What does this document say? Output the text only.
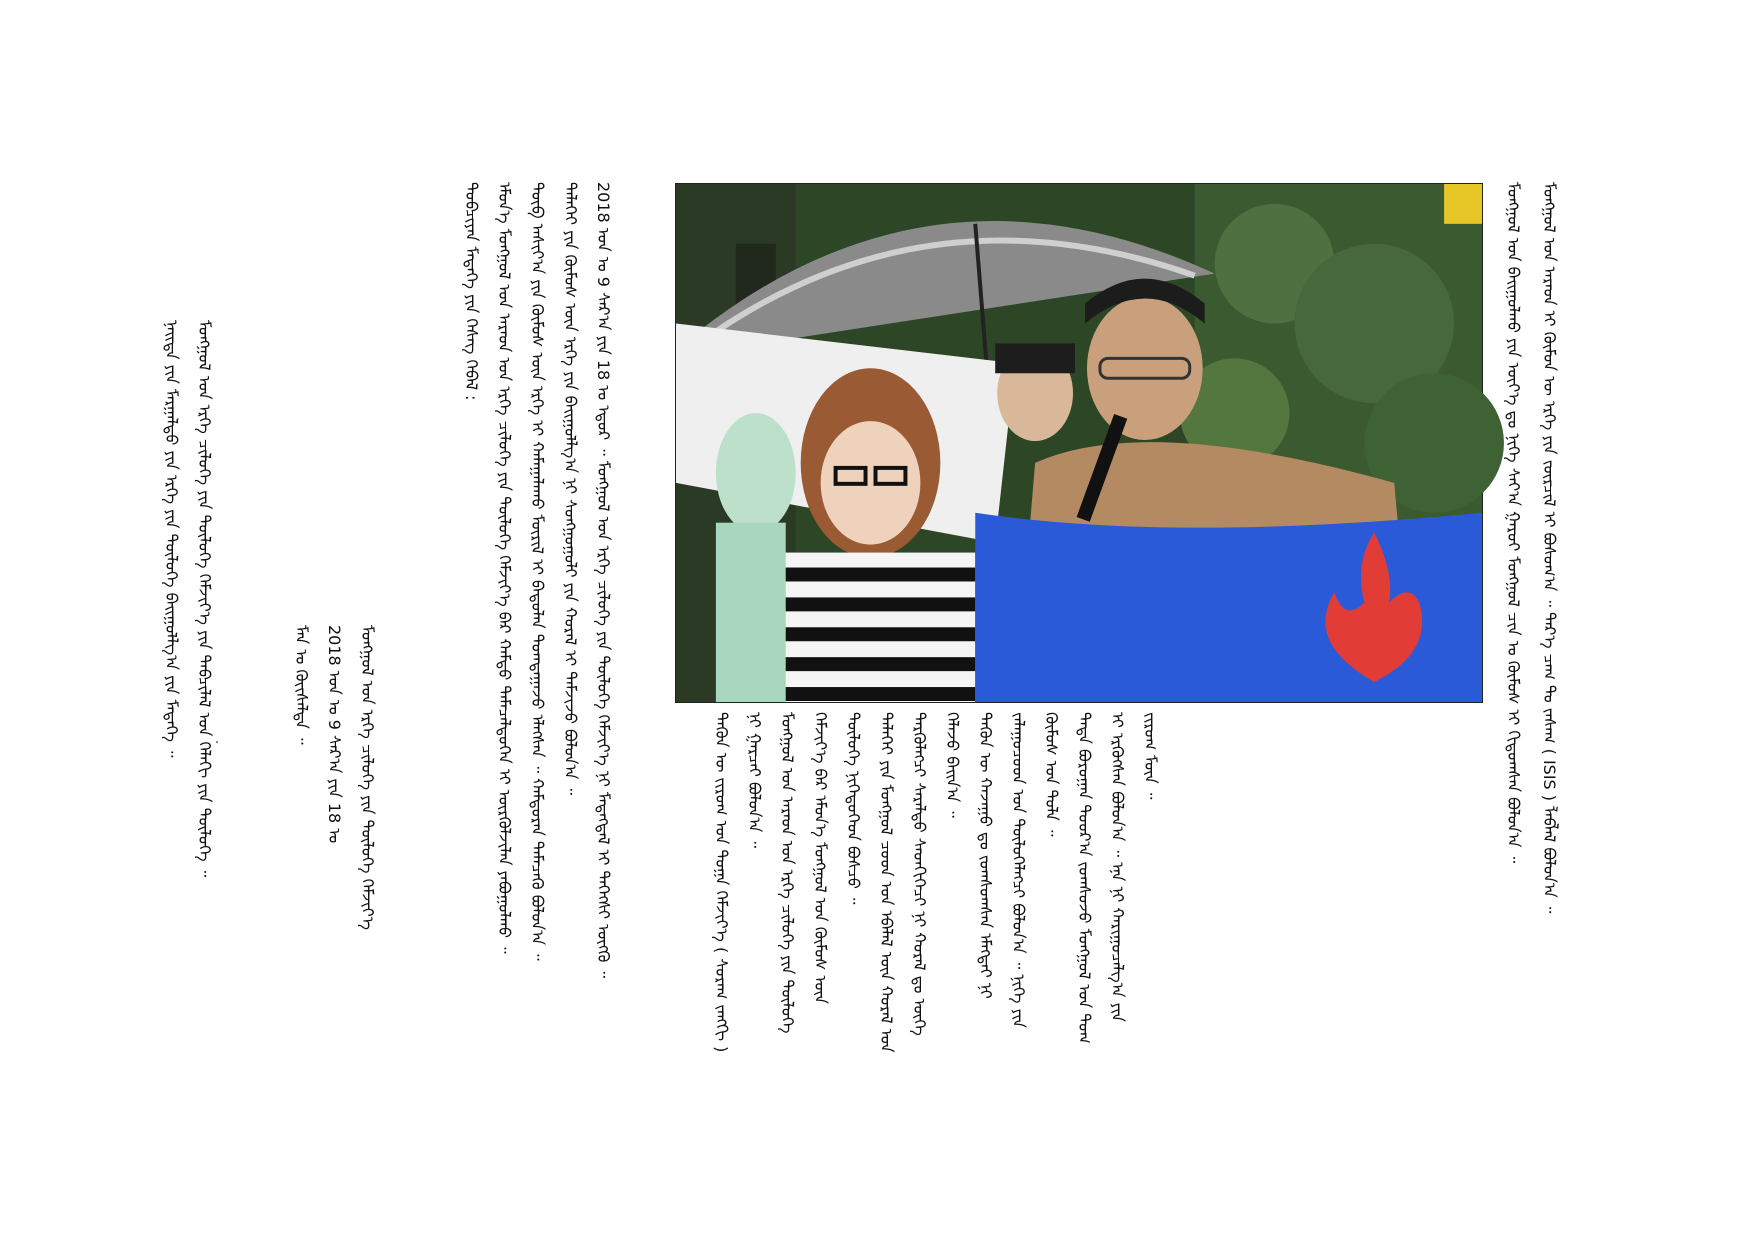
ᠮᠣᠩᠭᠣᠯ ᠤᠨ ᠪᠠᠢᠭᠤᠯᠬᠤ ᠶᠢᠨ ᠦᠶ᠎ᠡ ᠳᠤ ᠨᠢᠭᠡ ᠰᠠᠶ᠎ᠠ ᠭᠠᠷᠤᠢ ᠮᠣᠩᠭᠣᠯ ᠴᠢᠨ ᠤ ᠬᠦᠮᠦᠰ ᠢ ᠬᠢᠳᠤᠭᠰᠠᠨ ᠪᠣᠯᠤᠨ᠎ᠠ ᠃	ᠮᠣᠩᠭᠣᠯ ᠤᠨ ᠠᠷᠠᠳ ᠢ ᠬᠦᠮᠦᠨ ᠦ ᠡᠷᠬᠡ ᠶᠢᠨ ᠵᠥᠷᠴᠢᠯ ᠢ ᠪᠣᠰᠤᠭ᠎ᠠ ᠃ ᠲᠡᠷ᠎ᠡ ᠴᠠᠭ ᠲᠤ ᠵᠠᠰᠠᠭ ( ISIS ) ᠯᠠᠪᠯᠠᠯ ᠪᠣᠯᠤᠨ᠎ᠠ ᠃
ᠲᠡᠭᠦᠨ ᠦ ᠵᠢᠷᠤᠭ ᠤᠨ ᠲᠣᠭᠠ ᠬᠡᠮᠵᠢᠶ᠎ᠡ ( ᠰᠤᠷᠠᠭ ᠵᠠᠩᠭᠢ ) ᠨᠢ ᠭᠠᠷᠴᠠᠢ ᠪᠣᠯᠤᠨ᠎ᠠ ᠃ ᠮᠣᠩᠭᠣᠯ ᠤᠨ ᠠᠷᠠᠳ ᠤᠨ ᠡᠷᠬᠡ ᠴᠢᠯᠦᠭᠡ ᠶᠢᠨ ᠲᠥᠯᠦᠭᠡ ᠬᠡᠮᠵᠢᠶ᠎ᠡ ᠪᠡᠷ ᠡᠮᠦᠨ᠎ᠡ ᠮᠣᠩᠭᠣᠯ ᠤᠨ ᠬᠦᠮᠦᠰ ᠦᠨ ᠲᠥᠯᠦᠭᠡ ᠨᠢᠭᠡᠳᠦᠭᠡᠳ ᠪᠣᠰᠴᠤ ᠃ ᠳᠡᠯᠡᠬᠡᠢ ᠶᠢᠨ ᠮᠣᠩᠭᠣᠯ ᠴᠤᠳ ᠤᠨ ᠡᠪᠡᠯᠡᠯ ᠦᠨ ᠬᠤᠷᠠᠯ ᠤᠨ ᠲᠡᠷᠭᠦᠯᠡᠭᠴᠢ ᠰᠡᠷᠡᠯᠲᠦ ᠰᠡᠳᠬᠢᠭᠡᠴᠢ ᠨᠢ ᠬᠤᠷᠠᠯ ᠳᠤ ᠦᠭᠡ ᠬᠡᠯᠡᠵᠦ ᠪᠠᠢᠨ᠎ᠠ ᠃ ᠲᠡᠭᠦᠨ ᠦ ᠬᠠᠵᠠᠭᠤ ᠳᠤ ᠵᠣᠭᠰᠤᠭᠰᠠᠨ ᠡᠮᠡᠭᠲᠡᠢ ᠨᠢ ᠵᠠᠯᠠᠭᠤᠴᠤᠳ ᠤᠨ ᠲᠥᠯᠦᠭᠡᠯᠡᠭᠴᠢ ᠪᠣᠯᠤᠨ᠎ᠠ ᠃ ᠨᠢᠭᠡ ᠶᠢᠨ ᠬᠦᠮᠦᠰ ᠤᠨ ᠲᠤᠯᠠ ᠃ ᠲᠡᠳᠡ ᠪᠣᠷᠣᠭᠠᠨ ᠳᠣᠤᠷ᠎ᠠ ᠵᠣᠭᠰᠤᠵᠤ ᠮᠣᠩᠭᠣᠯ ᠤᠨ ᠲᠤᠭ ᠢ ᠡᠷᠭᠦᠭᠰᠡᠨ ᠪᠣᠯᠤᠨ᠎ᠠ ᠃ ᠡᠨᠡ ᠨᠢ ᠬᠠᠷᠢᠭᠤᠴᠠᠯᠭ᠎ᠠ ᠶᠢᠨ ᠵᠢᠷᠤᠭ ᠮᠥᠨ ᠃
ᠲᠣᠪᠴᠢᠶᠠᠨ ᠮᠡᠳᠡᠭᠡ ᠶᠢᠨ ᠬᠡᠰᠡᠭ ᠬᠡᠪᠡᠯ : ᠡᠮᠦᠨ᠎ᠡ ᠮᠣᠩᠭᠣᠯ ᠤᠨ ᠠᠷᠠᠳ ᠤᠨ ᠡᠷᠬᠡ ᠴᠢᠯᠦᠭᠡ ᠶᠢᠨ ᠲᠥᠯᠦᠭᠡ ᠬᠡᠮᠵᠢᠶ᠎ᠡ ᠪᠡᠷ ᠬᠠᠮᠲᠤ ᠲᠡᠮᠡᠴᠡᠯᠳᠦᠭᠡᠨ ᠢ ᠦᠷᠭᠦᠯᠵᠢᠯᠡᠨ ᠶᠠᠪᠤᠭᠤᠯᠬᠤ ᠃ ᠲᠥᠪ ᠠᠰᠢᠶ᠎ᠠ ᠶᠢᠨ ᠬᠦᠮᠦᠰ ᠦᠨ ᠡᠷᠬᠡ ᠢ ᠬᠠᠮᠠᠭᠠᠯᠠᠬᠤ ᠮᠦᠷᠢᠯ ᠢ ᠪᠠᠲᠤᠯᠠᠨ ᠲᠣᠭᠲᠠᠭᠠᠵᠤ ᠡᠯᠡᠭᠰᠡᠨ ᠃ ᠬᠠᠮᠲᠤᠷᠠᠨ ᠲᠡᠮᠡᠴᠡᠬᠦ ᠪᠣᠯᠤᠨ᠎ᠠ ᠃ ᠳᠡᠯᠡᠬᠡᠢ ᠶᠢᠨ ᠬᠦᠮᠦᠰ ᠦᠨ ᠡᠷᠬᠡ ᠶᠢᠨ ᠪᠠᠢᠭᠤᠯᠯᠭ᠎ᠠ ᠨᠢ ᠰᠣᠩᠭᠣᠭᠤᠯᠢ ᠶᠢᠨ ᠬᠤᠷᠠᠯ ᠢ ᠳᠡᠮᠵᠢᠵᠦ ᠪᠣᠯᠤᠨ᠎ᠠ ᠃ 2018 ᠣᠨ ᠤ 9 ᠰᠠᠷ᠎ᠠ ᠶᠢᠨ 18 ᠤ ᠡᠳᠦᠷ ᠃ ᠮᠣᠩᠭᠣᠯ ᠤᠨ ᠡᠷᠬᠡ ᠴᠢᠯᠦᠭᠡ ᠶᠢᠨ ᠲᠥᠯᠦᠭᠡ ᠬᠡᠮᠵᠢᠶ᠎ᠡ ᠨᠢ ᠮᠡᠳᠡᠭᠳᠡᠯ ᠢ ᠳᠡᠭᠡᠭᠰᠢ ᠥᠭᠬᠦ ᠃
ᠮᠠᠨ ᠤ ᠬᠦᠢᠰᠡᠯᠲᠡ ᠃ 2018 ᠣᠨ ᠤ 9 ᠰᠠᠷ᠎ᠠ ᠶᠢᠨ 18 ᠤ ᠮᠣᠩᠭᠣᠯ ᠤᠨ ᠡᠷᠬᠡ ᠴᠢᠯᠦᠭᠡ ᠶᠢᠨ ᠲᠥᠯᠦᠭᠡ ᠬᠡᠮᠵᠢᠶ᠎ᠡ
ᠨᠡᠢᠲᠡ ᠶᠢᠨ ᠮᠠᠷᠭᠠᠯᠲᠤ ᠶᠢᠨ ᠡᠷᠬᠡ ᠶᠢᠨ ᠲᠥᠯᠦᠭᠡ ᠪᠠᠢᠭᠤᠯᠯᠭ᠎ᠠ ᠶᠢᠨ ᠮᠡᠳᠡᠭᠡ ᠃ ᠮᠣᠩᠭᠣᠯ ᠤᠨ ᠡᠷᠬᠡ ᠴᠢᠯᠦᠭᠡ ᠶᠢᠨ ᠲᠥᠯᠦᠭᠡ ᠬᠡᠮᠵᠢᠶ᠎ᠡ ᠶᠢᠨ ᠲᠡᠪᠴᠢᠯᠡᠯ ᠤᠨ ᠬᠡᠯᠡᠬᠢ ᠶᠢᠨ ᠲᠥᠯᠦᠭᠡ ᠃
